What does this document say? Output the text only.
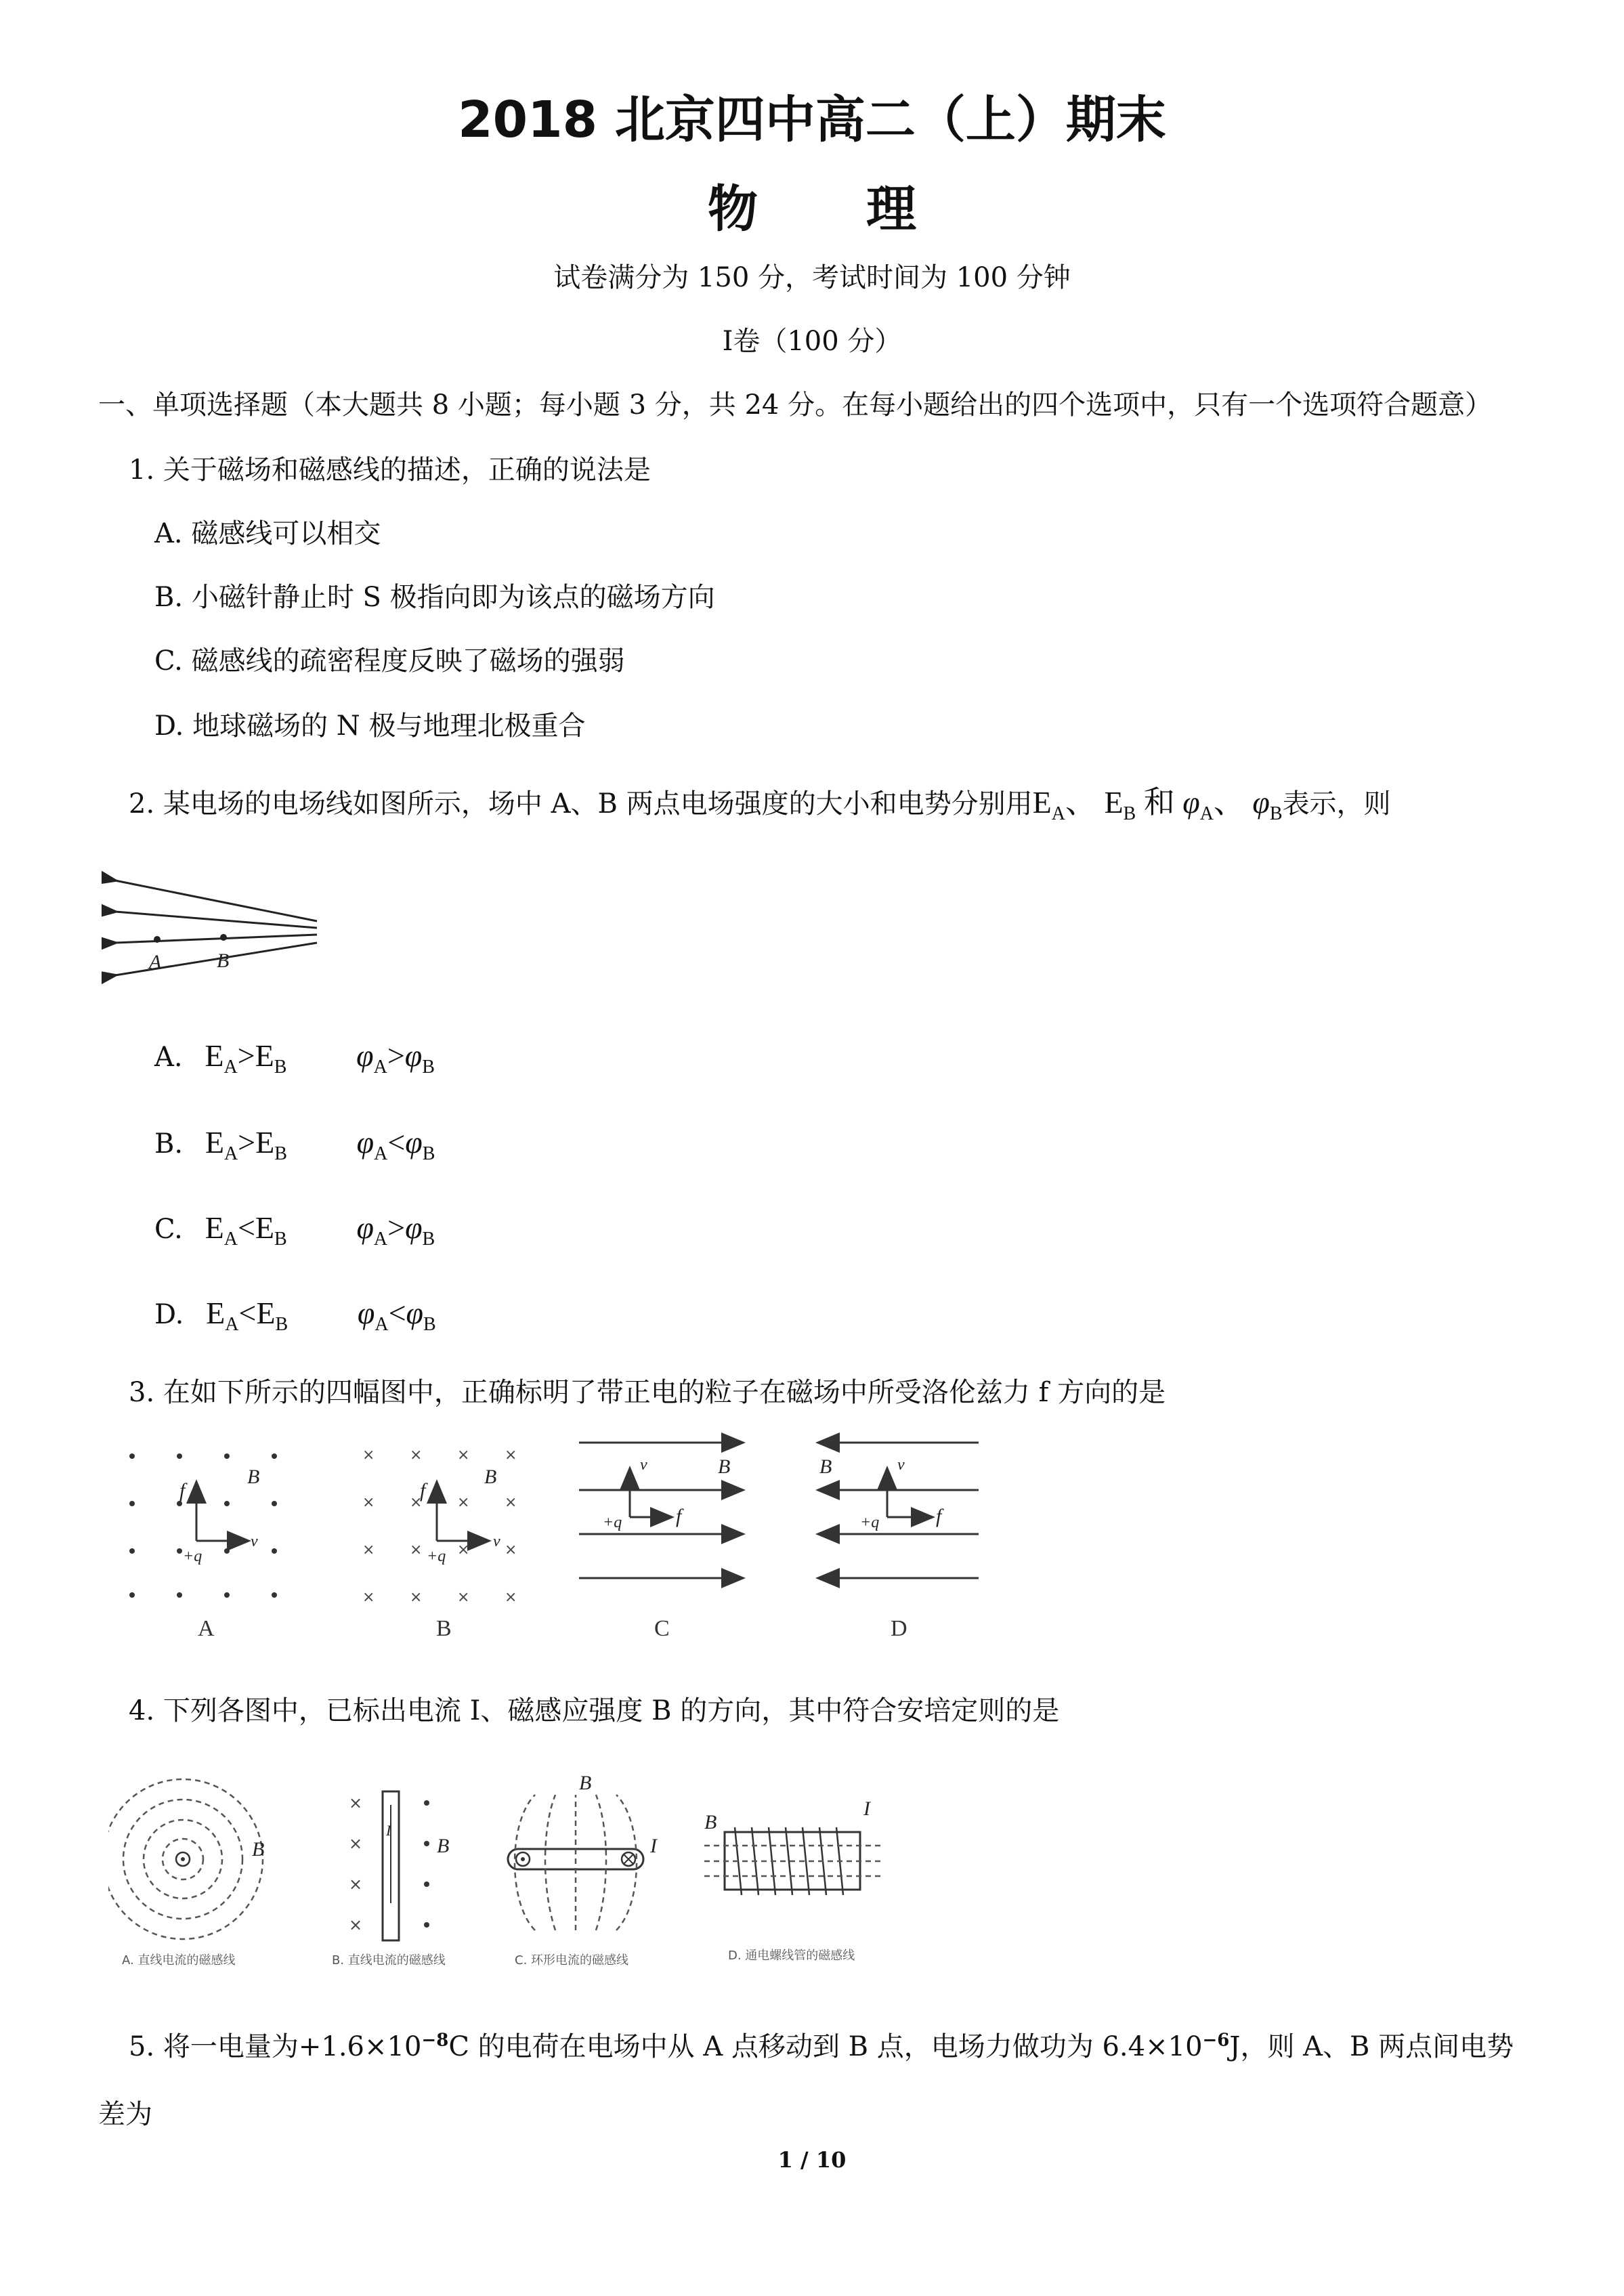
2018 北京四中高二（上）期末
物理
试卷满分为 150 分，考试时间为 100 分钟
Ⅰ卷（100 分）
一、单项选择题（本大题共 8 小题；每小题 3 分，共 24 分。在每小题给出的四个选项中，只有一个选项符合题意）
1. 关于磁场和磁感线的描述，正确的说法是
A. 磁感线可以相交
B. 小磁针静止时 S 极指向即为该点的磁场方向
C. 磁感线的疏密程度反映了磁场的强弱
D. 地球磁场的 N 极与地理北极重合
2. 某电场的电场线如图所示，场中 A、B 两点电场强度的大小和电势分别用$E_A$、 $E_B$ 和 $\varphi_A$、 $\varphi_B$表示，则
A	B
A. $E_A>E_B$ $\varphi_A>\varphi_B$
B. $E_A>E_B$ $\varphi_A<\varphi_B$
C. $E_A<E_B$ $\varphi_A>\varphi_B$
D. $E_A<E_B$ $\varphi_A<\varphi_B$
3. 在如下所示的四幅图中，正确标明了带正电的粒子在磁场中所受洛伦兹力 f 方向的是
f
v
B
+q
A
× × × ×
× × × ×
× × × ×
× × × ×
f
v
B
+q
B
v	B
+q	f
C
v
B
+q	f
D
4. 下列各图中，已标出电流 I、磁感应强度 B 的方向，其中符合安培定则的是
B
A. 直线电流的磁感线
I
×
×
×
×
B
B. 直线电流的磁感线
B
I
C. 环形电流的磁感线
B
I
D. 通电螺线管的磁感线
5. 将一电量为$+1.6\times 10^{-8}C$ 的电荷在电场中从 A 点移动到 B 点，电场力做功为 $6.4\times 10^{-6}J$，则 A、B 两点间电势
差为
1 / 10
